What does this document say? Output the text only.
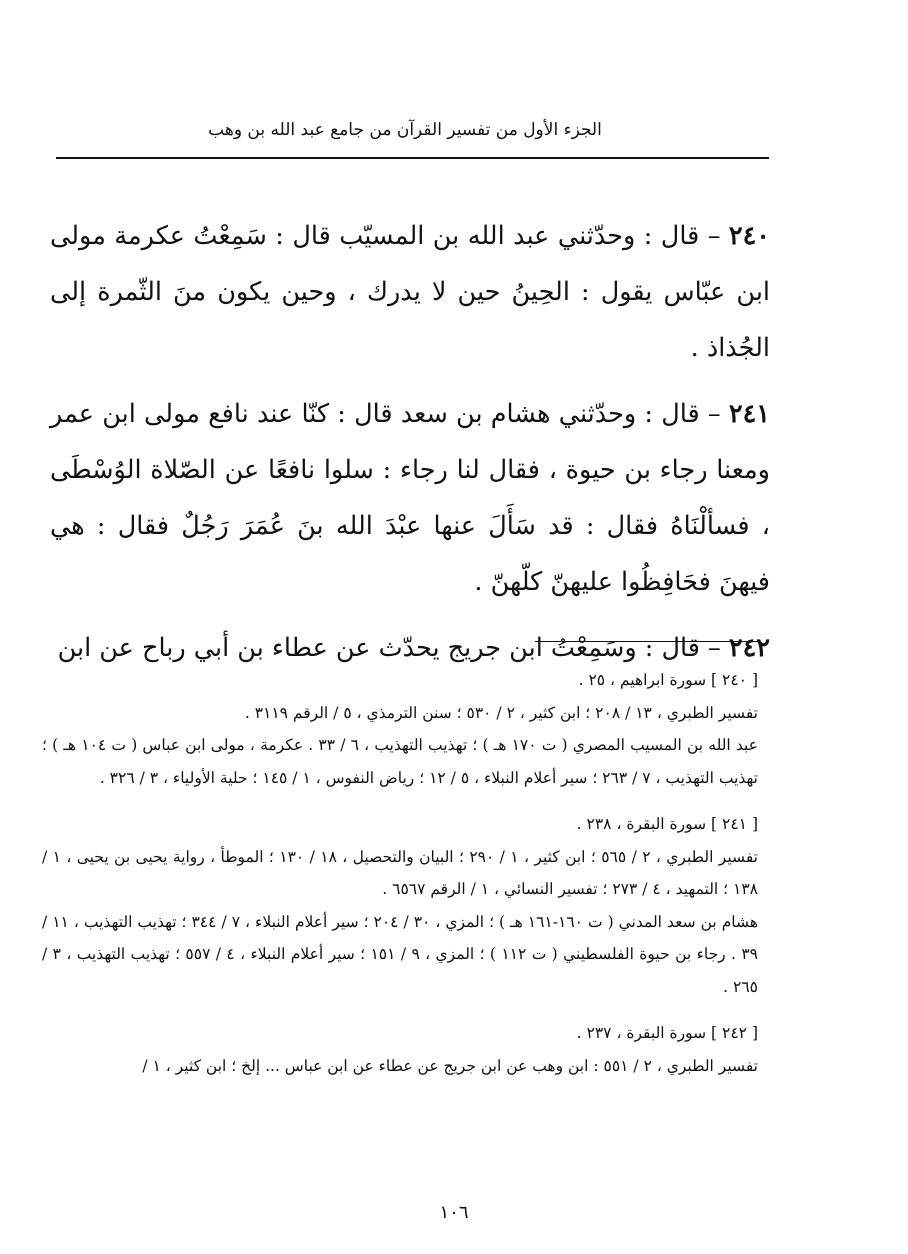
الجزء الأول من تفسير القرآن من جامع عبد الله بن وهب

٢٤٠ – قال : وحدّثني عبد الله بن المسيّب قال : سَمِعْتُ عكرمة مولى ابن عبّاس يقول : الحِينُ حين لا يدرك ، وحين يكون منَ الثّمرة إلى الجُذاذ .

٢٤١ – قال : وحدّثني هشام بن سعد قال : كنّا عند نافع مولى ابن عمر ومعنا رجاء بن حيوة ، فقال لنا رجاء : سلوا نافعًا عن الصّلاة الوُسْطَى ، فسألْنَاهُ فقال : قد سَأَلَ عنها عبْدَ الله بنَ عُمَرَ رَجُلٌ فقال : هي فيهنَ فحَافِظُوا عليهنّ كلّهنّ .

٢٤٢ – قال : وسَمِعْتُ ابن جريج يحدّث عن عطاء بن أبي رباح عن ابن

[ ٢٤٠ ] سورة ابراهيم ، ٢٥ .
تفسير الطبري ، ١٣ / ٢٠٨ ؛ ابن كثير ، ٢ / ٥٣٠ ؛ سنن الترمذي ، ٥ / الرقم ٣١١٩ .
عبد الله بن المسيب المصري ( ت ١٧٠ هـ ) ؛ تهذيب التهذيب ، ٦ / ٣٣ . عكرمة ، مولى ابن عباس ( ت ١٠٤ هـ ) ؛ تهذيب التهذيب ، ٧ / ٢٦٣ ؛ سير أعلام النبلاء ، ٥ / ١٢ ؛ رياض النفوس ، ١ / ١٤٥ ؛ حلية الأولياء ، ٣ / ٣٢٦ .
[ ٢٤١ ] سورة البقرة ، ٢٣٨ .
تفسير الطبري ، ٢ / ٥٦٥ ؛ ابن كثير ، ١ / ٢٩٠ ؛ البيان والتحصيل ، ١٨ / ١٣٠ ؛ الموطأ ، رواية يحيى بن يحيى ، ١ / ١٣٨ ؛ التمهيد ، ٤ / ٢٧٣ ؛ تفسير النسائي ، ١ / الرقم ٦٥٦٧ .
هشام بن سعد المدني ( ت ١٦٠-١٦١ هـ ) ؛ المزي ، ٣٠ / ٢٠٤ ؛ سير أعلام النبلاء ، ٧ / ٣٤٤ ؛ تهذيب التهذيب ، ١١ / ٣٩ . رجاء بن حيوة الفلسطيني ( ت ١١٢ ) ؛ المزي ، ٩ / ١٥١ ؛ سير أعلام النبلاء ، ٤ / ٥٥٧ ؛ تهذيب التهذيب ، ٣ / ٢٦٥ .
[ ٢٤٢ ] سورة البقرة ، ٢٣٧ .
تفسير الطبري ، ٢ / ٥٥١ : ابن وهب عن ابن جريج عن عطاء عن ابن عباس ... إلخ ؛ ابن كثير ، ١ /
١٠٦
